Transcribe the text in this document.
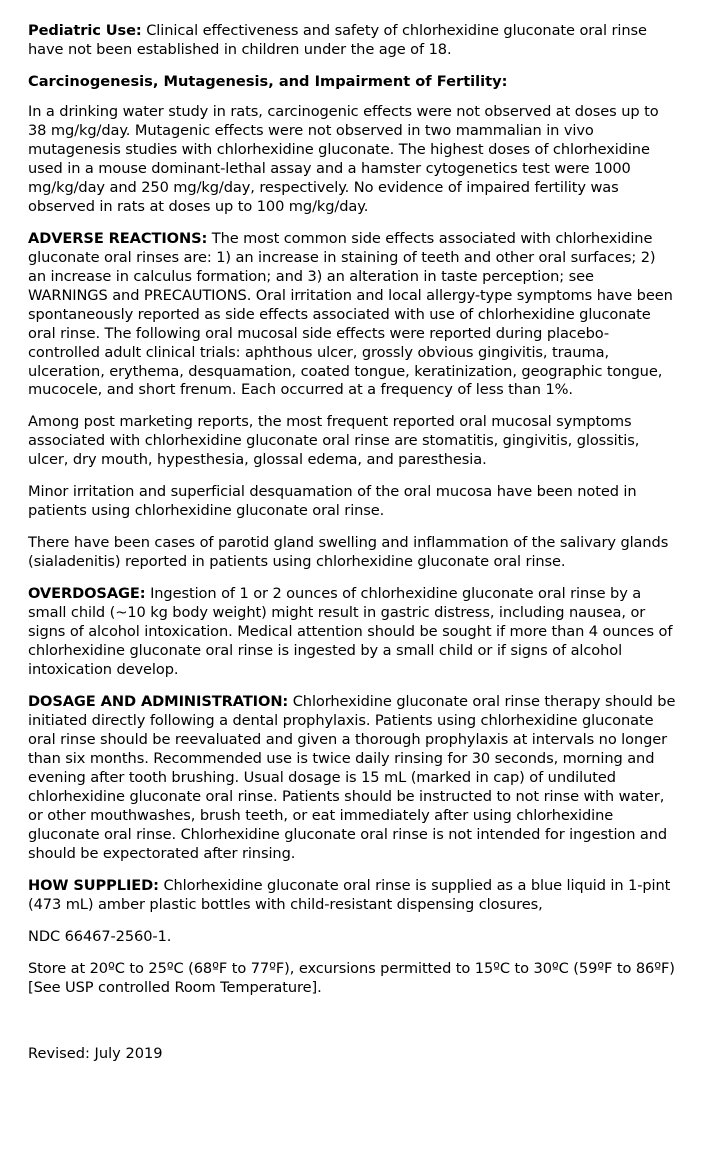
Pediatric Use: Clinical effectiveness and safety of chlorhexidine gluconate oral rinse have not been established in children under the age of 18.

Carcinogenesis, Mutagenesis, and Impairment of Fertility:

In a drinking water study in rats, carcinogenic effects were not observed at doses up to 38 mg/kg/day. Mutagenic effects were not observed in two mammalian in vivo mutagenesis studies with chlorhexidine gluconate. The highest doses of chlorhexidine used in a mouse dominant-lethal assay and a hamster cytogenetics test were 1000 mg/kg/day and 250 mg/kg/day, respectively. No evidence of impaired fertility was observed in rats at doses up to 100 mg/kg/day.

ADVERSE REACTIONS: The most common side effects associated with chlorhexidine gluconate oral rinses are: 1) an increase in staining of teeth and other oral surfaces; 2) an increase in calculus formation; and 3) an alteration in taste perception; see WARNINGS and PRECAUTIONS. Oral irritation and local allergy-type symptoms have been spontaneously reported as side effects associated with use of chlorhexidine gluconate oral rinse. The following oral mucosal side effects were reported during placebo-controlled adult clinical trials: aphthous ulcer, grossly obvious gingivitis, trauma, ulceration, erythema, desquamation, coated tongue, keratinization, geographic tongue, mucocele, and short frenum. Each occurred at a frequency of less than 1%.

Among post marketing reports, the most frequent reported oral mucosal symptoms associated with chlorhexidine gluconate oral rinse are stomatitis, gingivitis, glossitis, ulcer, dry mouth, hypesthesia, glossal edema, and paresthesia.

Minor irritation and superficial desquamation of the oral mucosa have been noted in patients using chlorhexidine gluconate oral rinse.

There have been cases of parotid gland swelling and inflammation of the salivary glands (sialadenitis) reported in patients using chlorhexidine gluconate oral rinse.

OVERDOSAGE: Ingestion of 1 or 2 ounces of chlorhexidine gluconate oral rinse by a small child (~10 kg body weight) might result in gastric distress, including nausea, or signs of alcohol intoxication. Medical attention should be sought if more than 4 ounces of chlorhexidine gluconate oral rinse is ingested by a small child or if signs of alcohol intoxication develop.

DOSAGE AND ADMINISTRATION: Chlorhexidine gluconate oral rinse therapy should be initiated directly following a dental prophylaxis. Patients using chlorhexidine gluconate oral rinse should be reevaluated and given a thorough prophylaxis at intervals no longer than six months. Recommended use is twice daily rinsing for 30 seconds, morning and evening after tooth brushing. Usual dosage is 15 mL (marked in cap) of undiluted chlorhexidine gluconate oral rinse. Patients should be instructed to not rinse with water, or other mouthwashes, brush teeth, or eat immediately after using chlorhexidine gluconate oral rinse. Chlorhexidine gluconate oral rinse is not intended for ingestion and should be expectorated after rinsing.

HOW SUPPLIED: Chlorhexidine gluconate oral rinse is supplied as a blue liquid in 1-pint (473 mL) amber plastic bottles with child-resistant dispensing closures,

NDC 66467-2560-1.

Store at 20ºC to 25ºC (68ºF to 77ºF), excursions permitted to 15ºC to 30ºC (59ºF to 86ºF) [See USP controlled Room Temperature].

Revised: July 2019
